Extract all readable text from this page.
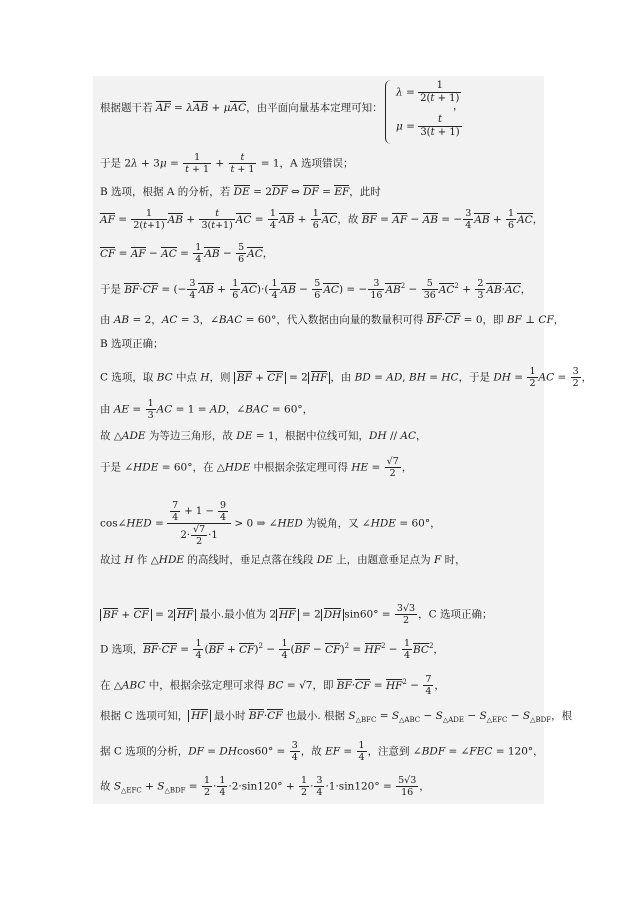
根据题干若 AF = λAB + μAC，由平面向量基本定理可知：
$\lambda = \frac{1}{2(t + 1)}$
$\mu = \frac{t}{3(t + 1)}$
，
于是 $2\lambda + 3\mu = \frac{1}{t + 1} + \frac{t}{t + 1} = 1$，A 选项错误；
B 选项，根据 A 的分析，若 DE = 2DF ⇔ DF = EF，此时
AF = $\frac{1}{2(t+1)}$ AB + $\frac{t}{3(t+1)}$ AC = $\frac{1}{4}$ AB + $\frac{1}{6}$ AC，故 BF = AF − AB = − $\frac{3}{4}$ AB + $\frac{1}{6}$ AC，
CF = AF − AC = $\frac{1}{4}$ AB − $\frac{5}{6}$ AC，
于是 BF·CF = (− $\frac{3}{4}$ AB + $\frac{1}{6} AC)\cdot( \frac{1}{4}$ AB − $\frac{5}{6} AC$) = − $\frac{3}{16} AB^2 - \frac{5}{36} AC^2 + \frac{2}{3} AB\cdot AC$，
由 AB = 2，AC = 3，∠BAC = 60°，代入数据由向量的数量积可得 BF·CF = 0，即 BF ⊥ CF，
B 选项正确；
C 选项，取 BC 中点 H，则 BF + CF = 2 HF ，由 BD = AD, BH = HC，于是 DH = $\frac{1}{2}$ AC = $\frac{3}{2}$ ，
由 AE = $\frac{1}{3}$ AC = 1 = AD，∠BAC = 60°，
故 △ADE 为等边三角形，故 DE = 1，根据中位线可知，DH // AC，
于是 ∠HDE = 60°，在 △HDE 中根据余弦定理可得 HE = $\frac{√7}{2}$ ，
cos∠HED = $\frac{\frac{7}{4} + 1 - \frac{9}{4}}{2\cdot \frac{√7}{2} \cdot 1} > 0$ ⇒ ∠HED 为锐角，又 ∠HDE = 60°，
故过 H 作 △HDE 的高线时，垂足点落在线段 DE 上，由题意垂足点为 F 时，
BF + CF = 2 HF 最小.最小值为 2 HF = 2 DH $\sin 60^\circ = \frac{3√3}{2}$ ，C 选项正确；
D 选项，$BF\cdot CF = \frac{1}{4} (BF + CF)^2 - \frac{1}{4} (BF - CF)^2 = HF^2 - \frac{1}{4} BC^2$，
在 △ABC 中，根据余弦定理可求得 BC = √7，即 $BF\cdot CF = HF^2 - \frac{7}{4}$ ，
根据 C 选项可知， HF 最小时 BF·CF 也最小. 根据 $S_{\triangle BFC} = S_{\triangle ABC} - S_{\triangle ADE} - S_{\triangle EFC} - S_{\triangle BDF}$，根
据 C 选项的分析，DF = $DHcos60^\circ = \frac{3}{4}$ ，故 EF = $\frac{1}{4}$ ，注意到 ∠BDF = ∠FEC = 120°，
故 $S_{\triangle EFC} + S_{\triangle BDF} = \frac{1}{2} \cdot \frac{1}{4} \cdot 2\cdot\sin 120^\circ + \frac{1}{2} \cdot \frac{3}{4} \cdot 1\cdot\sin 120^\circ = \frac{5√3}{16}$ ，
